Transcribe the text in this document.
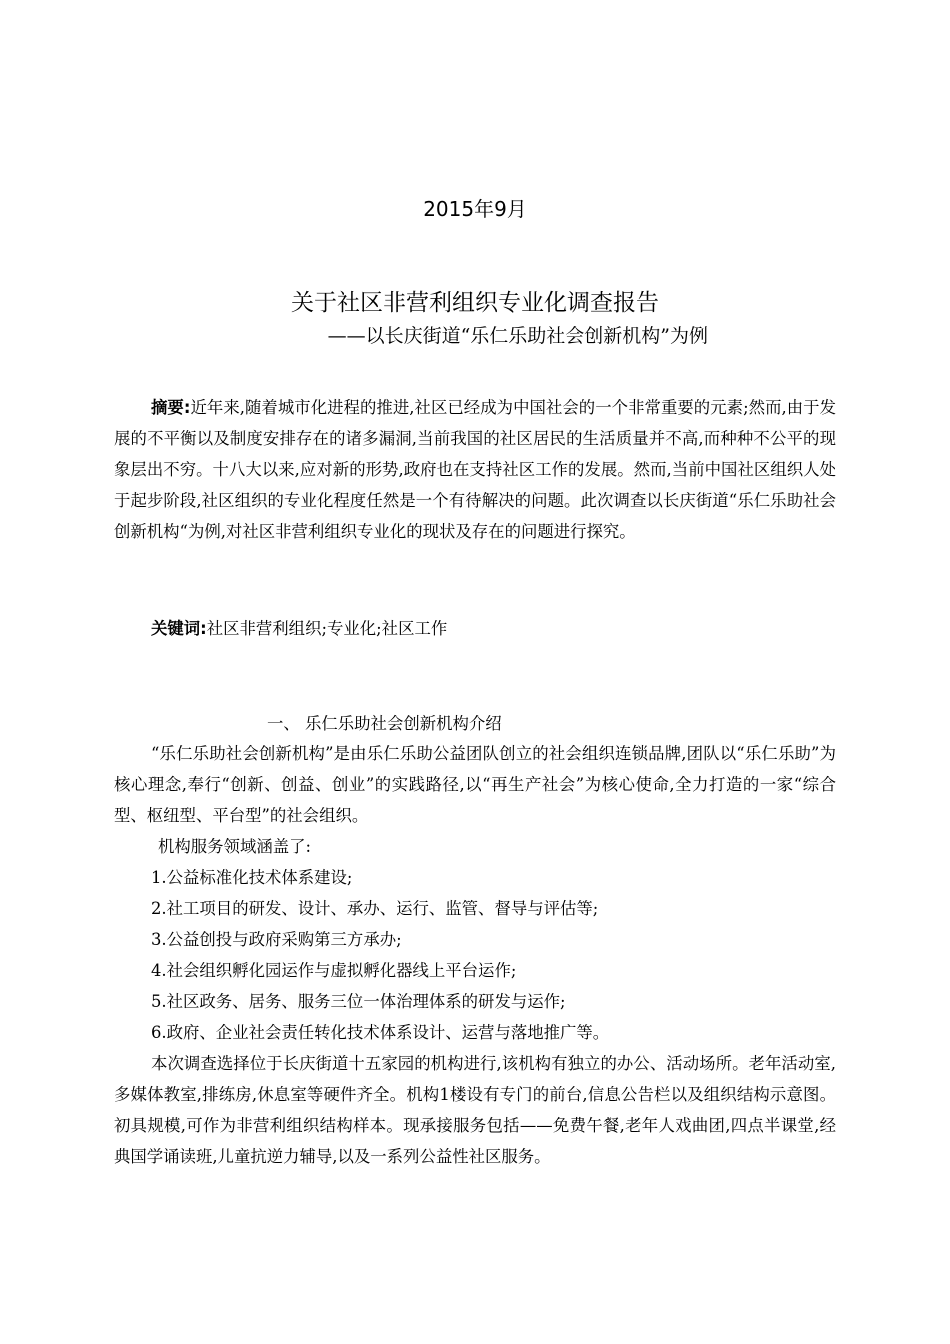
2015年9月
关于社区非营利组织专业化调查报告
——以长庆街道“乐仁乐助社会创新机构”为例
摘要:近年来,随着城市化进程的推进,社区已经成为中国社会的一个非常重要的元素;然而,由于发展的不平衡以及制度安排存在的诸多漏洞,当前我国的社区居民的生活质量并不高,而种种不公平的现象层出不穷。十八大以来,应对新的形势,政府也在支持社区工作的发展。然而,当前中国社区组织人处于起步阶段,社区组织的专业化程度任然是一个有待解决的问题。此次调查以长庆街道“乐仁乐助社会创新机构“为例,对社区非营利组织专业化的现状及存在的问题进行探究。
关键词:社区非营利组织;专业化;社区工作
一、 乐仁乐助社会创新机构介绍

“乐仁乐助社会创新机构”是由乐仁乐助公益团队创立的社会组织连锁品牌,团队以“乐仁乐助”为核心理念,奉行“创新、创益、创业”的实践路径,以“再生产社会”为核心使命,全力打造的一家“综合型、枢纽型、平台型”的社会组织。

机构服务领域涵盖了:

1.公益标准化技术体系建设;

2.社工项目的研发、设计、承办、运行、监管、督导与评估等;

3.公益创投与政府采购第三方承办;

4.社会组织孵化园运作与虚拟孵化器线上平台运作;

5.社区政务、居务、服务三位一体治理体系的研发与运作;

6.政府、企业社会责任转化技术体系设计、运营与落地推广等。

本次调查选择位于长庆街道十五家园的机构进行,该机构有独立的办公、活动场所。老年活动室,多媒体教室,排练房,休息室等硬件齐全。机构1楼设有专门的前台,信息公告栏以及组织结构示意图。初具规模,可作为非营利组织结构样本。现承接服务包括——免费午餐,老年人戏曲团,四点半课堂,经典国学诵读班,儿童抗逆力辅导,以及一系列公益性社区服务。
